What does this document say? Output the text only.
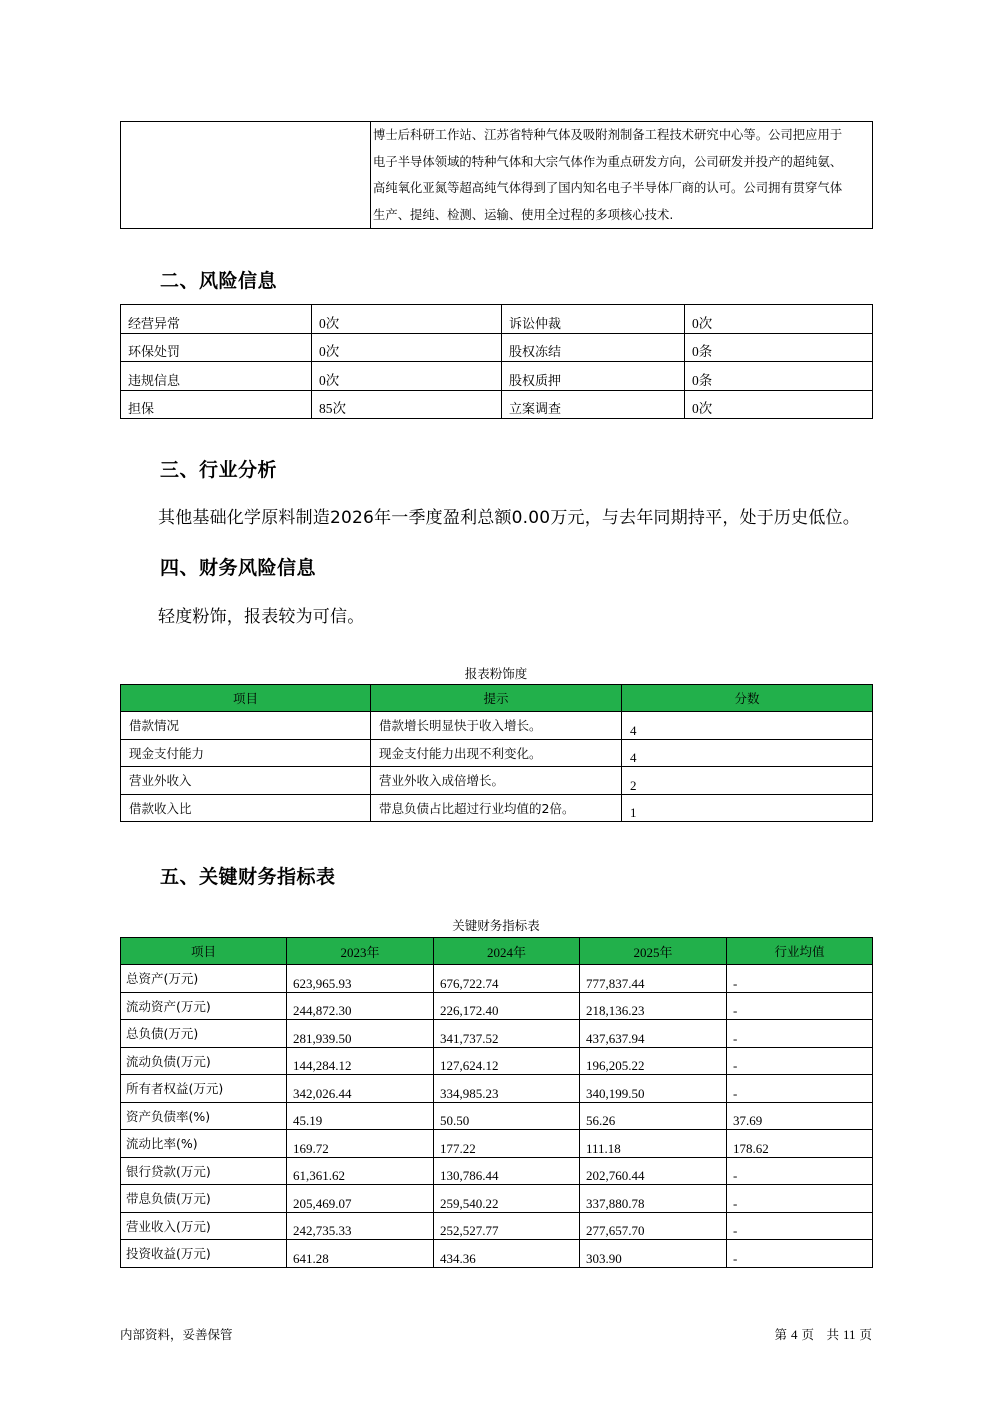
博士后科研工作站、江苏省特种气体及吸附剂制备工程技术研究中心等。公司把应用于
电子半导体领域的特种气体和大宗气体作为重点研发方向，公司研发并投产的超纯氨、
高纯氧化亚氮等超高纯气体得到了国内知名电子半导体厂商的认可。公司拥有贯穿气体
生产、提纯、检测、运输、使用全过程的多项核心技术.
二、风险信息
经营异常	0次	诉讼仲裁	0次
环保处罚	0次	股权冻结	0条
违规信息	0次	股权质押	0条
担保	85次	立案调查	0次
三、行业分析

其他基础化学原料制造2026年一季度盈利总额0.00万元，与去年同期持平，处于历史低位。

四、财务风险信息

轻度粉饰，报表较为可信。

报表粉饰度
项目	提示	分数
借款情况	借款增长明显快于收入增长。	4
现金支付能力	现金支付能力出现不利变化。	4
营业外收入	营业外收入成倍增长。	2
借款收入比	带息负债占比超过行业均值的2倍。	1
五、关键财务指标表
关键财务指标表
项目	2023年	2024年	2025年	行业均值
总资产(万元)	623,965.93	676,722.74	777,837.44	-
流动资产(万元)	244,872.30	226,172.40	218,136.23	-
总负债(万元)	281,939.50	341,737.52	437,637.94	-
流动负债(万元)	144,284.12	127,624.12	196,205.22	-
所有者权益(万元)	342,026.44	334,985.23	340,199.50	-
资产负债率(%)	45.19	50.50	56.26	37.69
流动比率(%)	169.72	177.22	111.18	178.62
银行贷款(万元)	61,361.62	130,786.44	202,760.44	-
带息负债(万元)	205,469.07	259,540.22	337,880.78	-
营业收入(万元)	242,735.33	252,527.77	277,657.70	-
投资收益(万元)	641.28	434.36	303.90	-
内部资料，妥善保管	第 4 页　共 11 页
